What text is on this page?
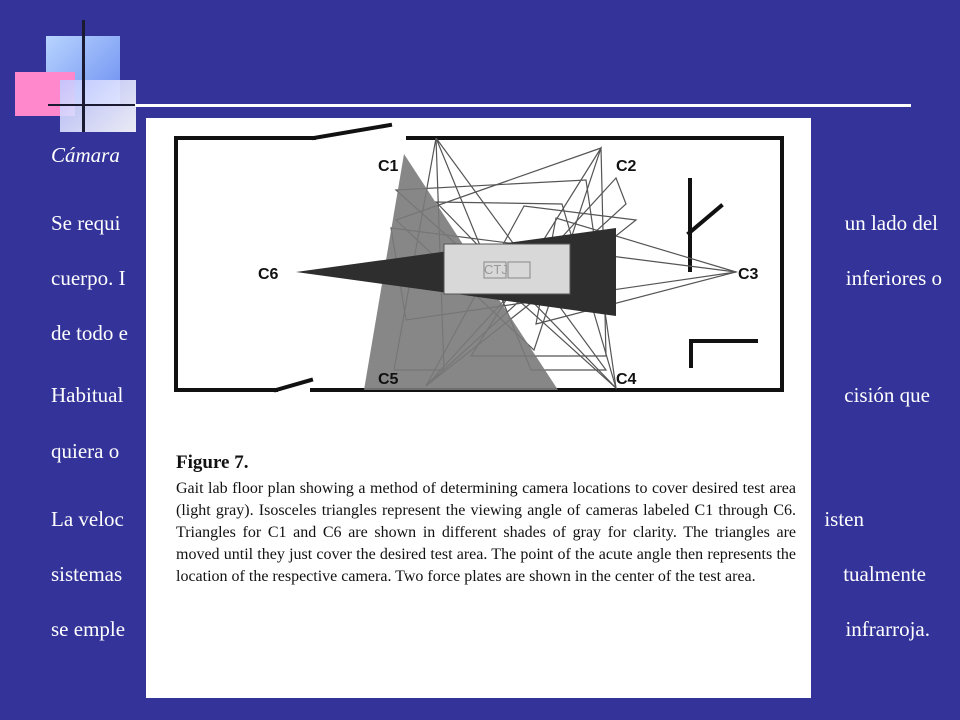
Cámara
Se requi	un lado del
cuerpo. I	inferiores o
de todo e
Habitual	cisión que
quiera o
La veloc	isten
sistemas	tualmente
se emple	infrarroja.
C1	C2
C3
C4
C5
C6	CTJ
Figure 7.
Gait lab floor plan showing a method of determining camera locations to cover desired test area (light gray). Isosceles triangles represent the viewing angle of cameras labeled C1 through C6. Triangles for C1 and C6 are shown in different shades of gray for clarity. The triangles are moved until they just cover the desired test area. The point of the acute angle then represents the location of the respective camera. Two force plates are shown in the center of the test area.
